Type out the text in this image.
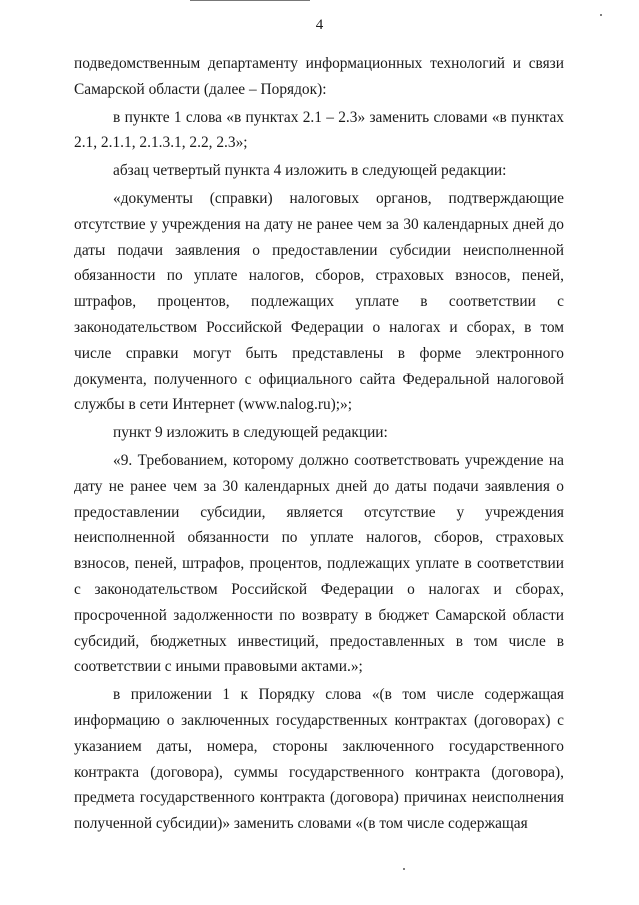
4

подведомственным департаменту информационных технологий и связи Самарской области (далее – Порядок):

в пункте 1 слова «в пунктах 2.1 – 2.3» заменить словами «в пунктах 2.1, 2.1.1, 2.1.3.1, 2.2, 2.3»;

абзац четвертый пункта 4 изложить в следующей редакции:

«документы (справки) налоговых органов, подтверждающие отсутствие у учреждения на дату не ранее чем за 30 календарных дней до даты подачи заявления о предоставлении субсидии неисполненной обязанности по уплате налогов, сборов, страховых взносов, пеней, штрафов, процентов, подлежащих уплате в соответствии с законодательством Российской Федерации о налогах и сборах, в том числе справки могут быть представлены в форме электронного документа, полученного с официального сайта Федеральной налоговой службы в сети Интернет (www.nalog.ru);»;

пункт 9 изложить в следующей редакции:

«9. Требованием, которому должно соответствовать учреждение на дату не ранее чем за 30 календарных дней до даты подачи заявления о предоставлении субсидии, является отсутствие у учреждения неисполненной обязанности по уплате налогов, сборов, страховых взносов, пеней, штрафов, процентов, подлежащих уплате в соответствии с законодательством Российской Федерации о налогах и сборах, просроченной задолженности по возврату в бюджет Самарской области субсидий, бюджетных инвестиций, предоставленных в том числе в соответствии с иными правовыми актами.»;

в приложении 1 к Порядку слова «(в том числе содержащая информацию о заключенных государственных контрактах (договорах) с указанием даты, номера, стороны заключенного государственного контракта (договора), суммы государственного контракта (договора), предмета государственного контракта (договора) причинах неисполнения полученной субсидии)» заменить словами «(в том числе содержащая
